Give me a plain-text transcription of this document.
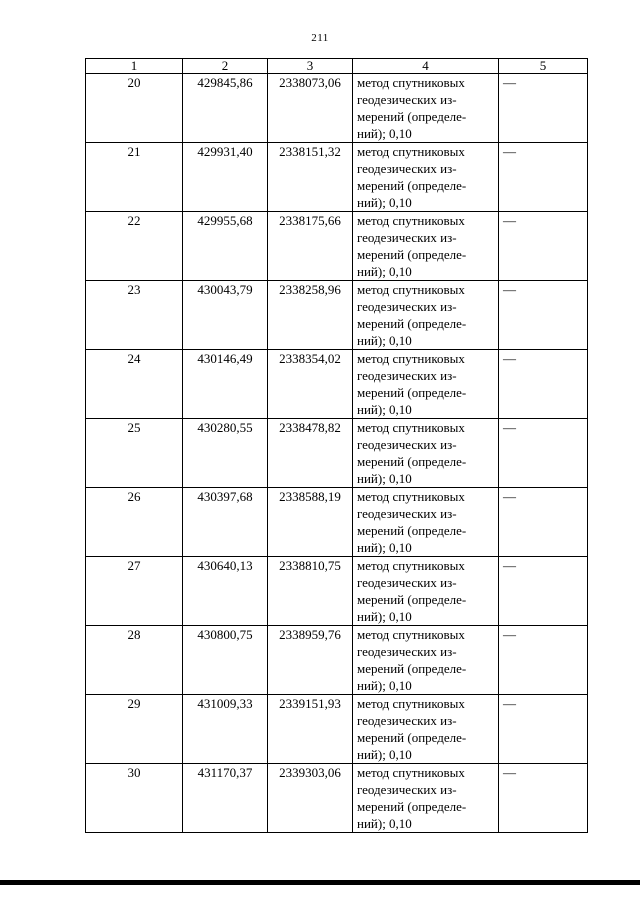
211
1	2	3	4	5
20	429845,86	2338073,06	метод спутниковых
геодезических из-
мерений (определе-
ний); 0,10	—
21	429931,40	2338151,32	метод спутниковых
геодезических из-
мерений (определе-
ний); 0,10	—
22	429955,68	2338175,66	метод спутниковых
геодезических из-
мерений (определе-
ний); 0,10	—
23	430043,79	2338258,96	метод спутниковых
геодезических из-
мерений (определе-
ний); 0,10	—
24	430146,49	2338354,02	метод спутниковых
геодезических из-
мерений (определе-
ний); 0,10	—
25	430280,55	2338478,82	метод спутниковых
геодезических из-
мерений (определе-
ний); 0,10	—
26	430397,68	2338588,19	метод спутниковых
геодезических из-
мерений (определе-
ний); 0,10	—
27	430640,13	2338810,75	метод спутниковых
геодезических из-
мерений (определе-
ний); 0,10	—
28	430800,75	2338959,76	метод спутниковых
геодезических из-
мерений (определе-
ний); 0,10	—
29	431009,33	2339151,93	метод спутниковых
геодезических из-
мерений (определе-
ний); 0,10	—
30	431170,37	2339303,06	метод спутниковых
геодезических из-
мерений (определе-
ний); 0,10	—
